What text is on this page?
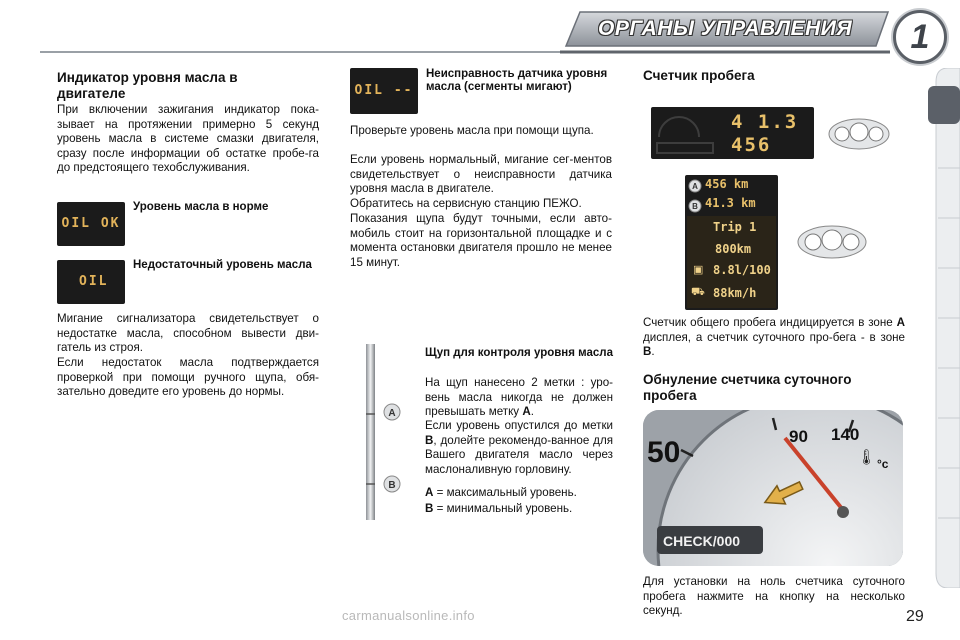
ОРГАНЫ УПРАВЛЕНИЯ	1
Индикатор уровня масла в двигателе
При включении зажигания индикатор пока-зывает на протяжении примерно 5 секунд уровень масла в системе смазки двигателя, сразу после информации об остатке пробе-га до предстоящего техобслуживания.
OIL OK
Уровень масла в норме
OIL
Недостаточный уровень масла
Мигание сигнализатора свидетельствует о недостатке масла, способном вывести дви-гатель из строя.
Если недостаток масла подтверждается проверкой при помощи ручного щупа, обя-зательно доведите его уровень до нормы.
OIL --
Неисправность датчика уровня масла (сегменты мигают)
Проверьте уровень масла при помощи щупа.
Если уровень нормальный, мигание сег-ментов свидетельствует о неисправности датчика уровня масла в двигателе.
Обратитесь на сервисную станцию ПЕЖО.
Показания щупа будут точными, если авто-мобиль стоит на горизонтальной площадке и с момента остановки двигателя прошло не менее 15 минут.
A
B
Щуп для контроля уровня масла
На щуп нанесено 2 метки : уро-вень масла никогда не должен превышать метку A.
Если уровень опустился до метки B, долейте рекомендо-ванное для Вашего двигателя масло через маслоналивную горловину.
A = максимальный уровень.
B = минимальный уровень.
Счетчик пробега
4 1.3
456
A
B
456 km
41.3 km
Trip 1
800km
▣ 8.8l/100
⛟ 88km/h
Счетчик общего пробега индицируется в зоне A дисплея, а счетчик суточного про-бега - в зоне B.
Обнуление счетчика суточного пробега
50	90 140
°c
CHECK/000
🌡
Для установки на ноль счетчика суточного пробега нажмите на кнопку на несколько секунд.
carmanualsonline.info	29
